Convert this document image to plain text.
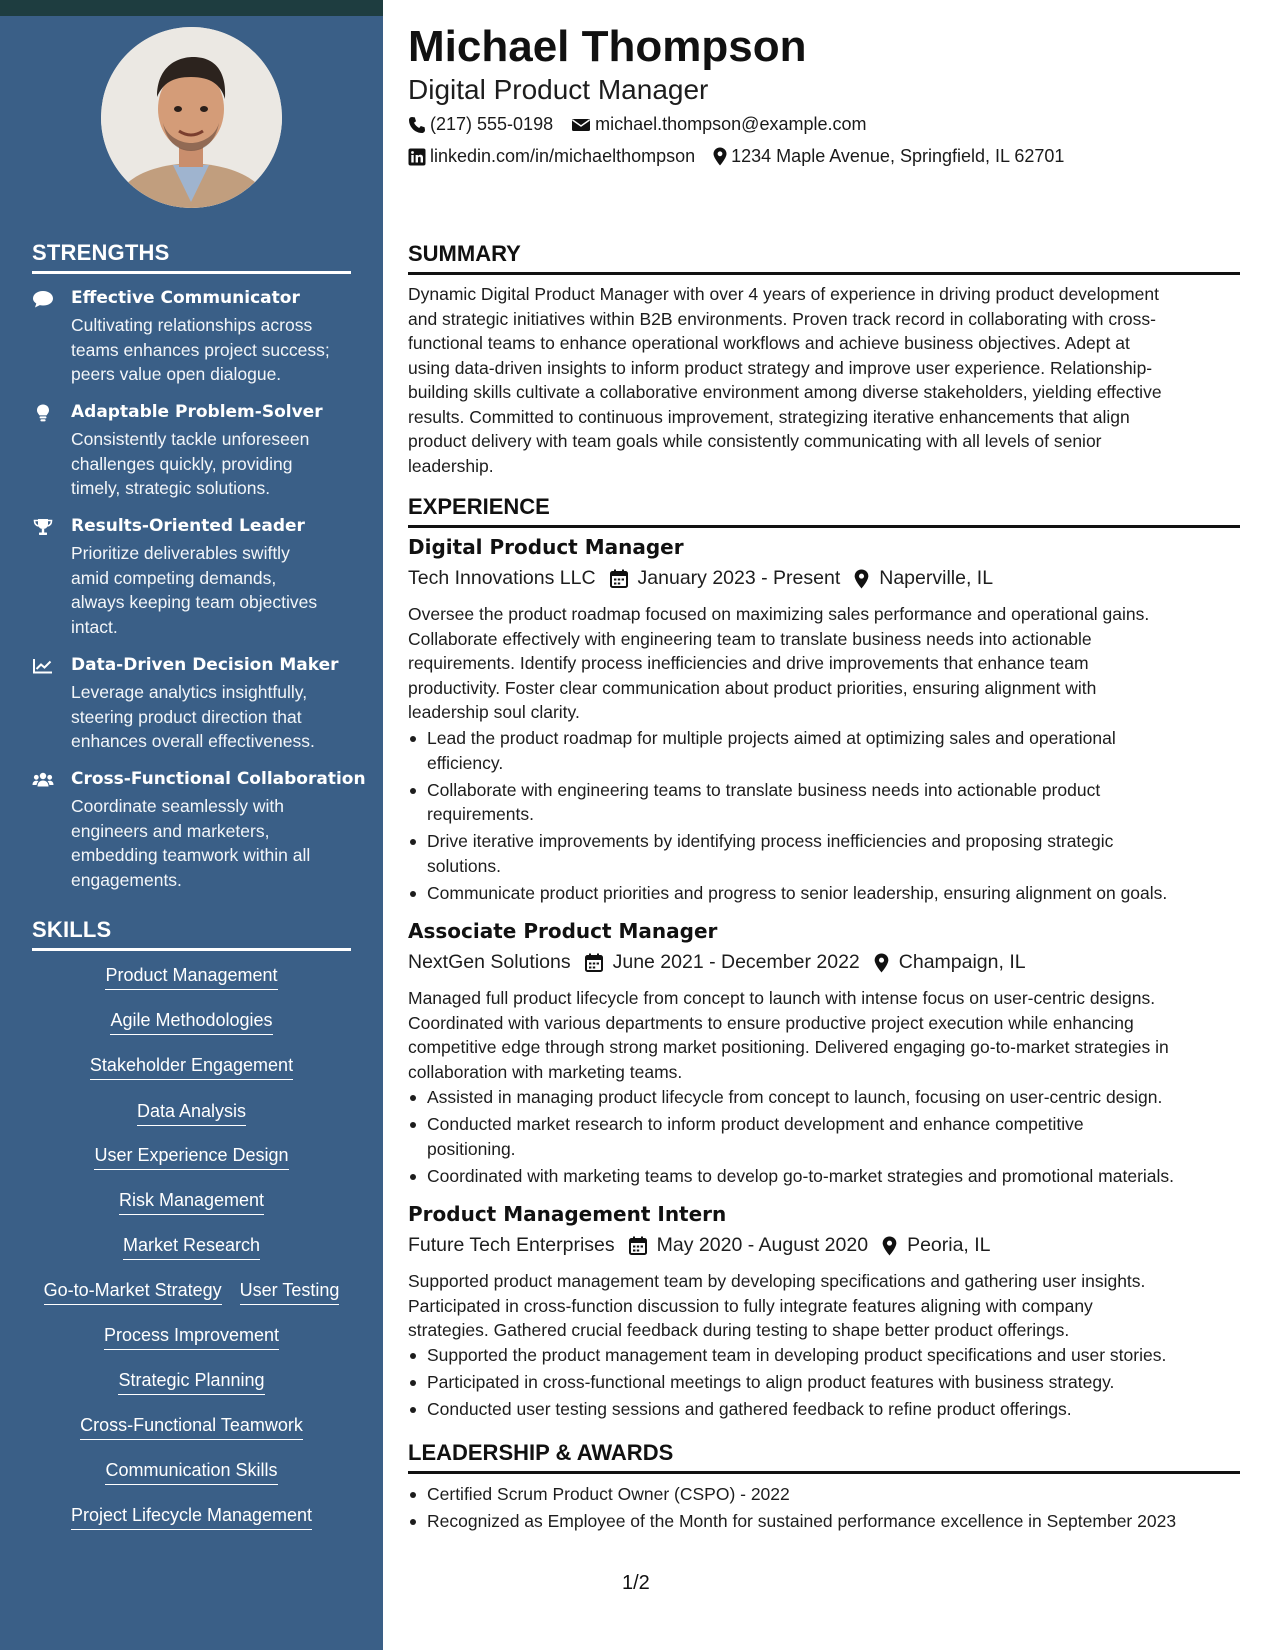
STRENGTHS
Effective Communicator
Cultivating relationships across
teams enhances project success;
peers value open dialogue.
Adaptable Problem-Solver
Consistently tackle unforeseen
challenges quickly, providing
timely, strategic solutions.
Results-Oriented Leader
Prioritize deliverables swiftly
amid competing demands,
always keeping team objectives
intact.
Data-Driven Decision Maker
Leverage analytics insightfully,
steering product direction that
enhances overall effectiveness.
Cross-Functional Collaboration
Coordinate seamlessly with
engineers and marketers,
embedding teamwork within all
engagements.
SKILLS
Product Management
Agile Methodologies
Stakeholder Engagement
Data Analysis
User Experience Design
Risk Management
Market Research
Go-to-Market Strategy User Testing
Process Improvement
Strategic Planning
Cross-Functional Teamwork
Communication Skills
Project Lifecycle Management
Michael Thompson
Digital Product Manager
(217) 555-0198 michael.thompson@example.com
linkedin.com/in/michaelthompson 1234 Maple Avenue, Springfield, IL 62701
SUMMARY
Dynamic Digital Product Manager with over 4 years of experience in driving product development
and strategic initiatives within B2B environments. Proven track record in collaborating with cross-
functional teams to enhance operational workflows and achieve business objectives. Adept at
using data-driven insights to inform product strategy and improve user experience. Relationship-
building skills cultivate a collaborative environment among diverse stakeholders, yielding effective
results. Committed to continuous improvement, strategizing iterative enhancements that align
product delivery with team goals while consistently communicating with all levels of senior
leadership.
EXPERIENCE
Digital Product Manager
Tech Innovations LLC January 2023 - Present Naperville, IL
Oversee the product roadmap focused on maximizing sales performance and operational gains.
Collaborate effectively with engineering team to translate business needs into actionable
requirements. Identify process inefficiencies and drive improvements that enhance team
productivity. Foster clear communication about product priorities, ensuring alignment with
leadership soul clarity.
Lead the product roadmap for multiple projects aimed at optimizing sales and operational
efficiency.
Collaborate with engineering teams to translate business needs into actionable product
requirements.
Drive iterative improvements by identifying process inefficiencies and proposing strategic
solutions.
Communicate product priorities and progress to senior leadership, ensuring alignment on goals.
Associate Product Manager
NextGen Solutions June 2021 - December 2022 Champaign, IL
Managed full product lifecycle from concept to launch with intense focus on user-centric designs.
Coordinated with various departments to ensure productive project execution while enhancing
competitive edge through strong market positioning. Delivered engaging go-to-market strategies in
collaboration with marketing teams.
Assisted in managing product lifecycle from concept to launch, focusing on user-centric design.
Conducted market research to inform product development and enhance competitive
positioning.
Coordinated with marketing teams to develop go-to-market strategies and promotional materials.
Product Management Intern
Future Tech Enterprises May 2020 - August 2020 Peoria, IL
Supported product management team by developing specifications and gathering user insights.
Participated in cross-function discussion to fully integrate features aligning with company
strategies. Gathered crucial feedback during testing to shape better product offerings.
Supported the product management team in developing product specifications and user stories.
Participated in cross-functional meetings to align product features with business strategy.
Conducted user testing sessions and gathered feedback to refine product offerings.
LEADERSHIP & AWARDS
Certified Scrum Product Owner (CSPO) - 2022
Recognized as Employee of the Month for sustained performance excellence in September 2023
1/2
